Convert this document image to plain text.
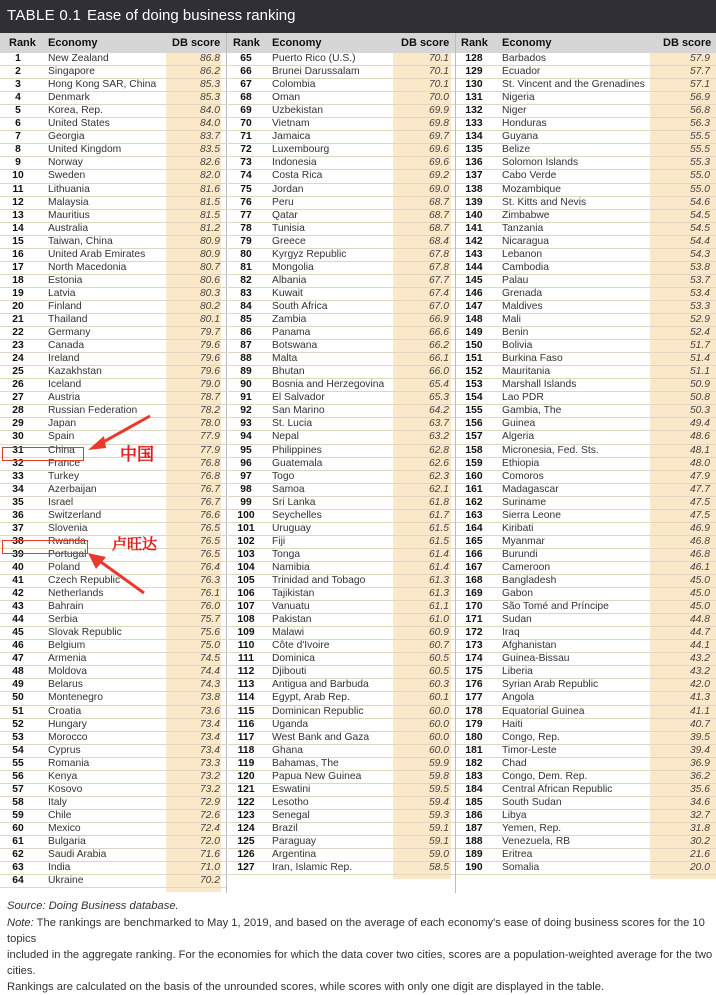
TABLE 0.1 Ease of doing business ranking
Rank Economy	DB score Rank Economy	DB score Rank Economy	DB score
1	New Zealand	86.8
2	Singapore	86.2
3	Hong Kong SAR, China	85.3
4	Denmark	85.3
5	Korea, Rep.	84.0
6	United States	84.0
7	Georgia	83.7
8	United Kingdom	83.5
9	Norway	82.6
10	Sweden	82.0
11	Lithuania	81.6
12	Malaysia	81.5
13	Mauritius	81.5
14	Australia	81.2
15	Taiwan, China	80.9
16	United Arab Emirates	80.9
17	North Macedonia	80.7
18	Estonia	80.6
19	Latvia	80.3
20	Finland	80.2
21	Thailand	80.1
22	Germany	79.7
23	Canada	79.6
24	Ireland	79.6
25	Kazakhstan	79.6
26	Iceland	79.0
27	Austria	78.7
28	Russian Federation	78.2
29	Japan	78.0
30	Spain	77.9
31	China	77.9
32	France	76.8
33	Turkey	76.8
34	Azerbaijan	76.7
35	Israel	76.7
36	Switzerland	76.6
37	Slovenia	76.5
38	Rwanda	76.5
39	Portugal	76.5
40	Poland	76.4
41	Czech Republic	76.3
42	Netherlands	76.1
43	Bahrain	76.0
44	Serbia	75.7
45	Slovak Republic	75.6
46	Belgium	75.0
47	Armenia	74.5
48	Moldova	74.4
49	Belarus	74.3
50	Montenegro	73.8
51	Croatia	73.6
52	Hungary	73.4
53	Morocco	73.4
54	Cyprus	73.4
55	Romania	73.3
56	Kenya	73.2
57	Kosovo	73.2
58	Italy	72.9
59	Chile	72.6
60	Mexico	72.4
61	Bulgaria	72.0
62	Saudi Arabia	71.6
63	India	71.0
64	Ukraine	70.2
65	Puerto Rico (U.S.)	70.1
66	Brunei Darussalam	70.1
67	Colombia	70.1
68	Oman	70.0
69	Uzbekistan	69.9
70	Vietnam	69.8
71	Jamaica	69.7
72	Luxembourg	69.6
73	Indonesia	69.6
74	Costa Rica	69.2
75	Jordan	69.0
76	Peru	68.7
77	Qatar	68.7
78	Tunisia	68.7
79	Greece	68.4
80	Kyrgyz Republic	67.8
81	Mongolia	67.8
82	Albania	67.7
83	Kuwait	67.4
84	South Africa	67.0
85	Zambia	66.9
86	Panama	66.6
87	Botswana	66.2
88	Malta	66.1
89	Bhutan	66.0
90	Bosnia and Herzegovina	65.4
91	El Salvador	65.3
92	San Marino	64.2
93	St. Lucia	63.7
94	Nepal	63.2
95	Philippines	62.8
96	Guatemala	62.6
97	Togo	62.3
98	Samoa	62.1
99	Sri Lanka	61.8
100	Seychelles	61.7
101	Uruguay	61.5
102	Fiji	61.5
103	Tonga	61.4
104	Namibia	61.4
105	Trinidad and Tobago	61.3
106	Tajikistan	61.3
107	Vanuatu	61.1
108	Pakistan	61.0
109	Malawi	60.9
110	Côte d'Ivoire	60.7
111	Dominica	60.5
112	Djibouti	60.5
113	Antigua and Barbuda	60.3
114	Egypt, Arab Rep.	60.1
115	Dominican Republic	60.0
116	Uganda	60.0
117	West Bank and Gaza	60.0
118	Ghana	60.0
119	Bahamas, The	59.9
120	Papua New Guinea	59.8
121	Eswatini	59.5
122	Lesotho	59.4
123	Senegal	59.3
124	Brazil	59.1
125	Paraguay	59.1
126	Argentina	59.0
127	Iran, Islamic Rep.	58.5
128	Barbados	57.9
129	Ecuador	57.7
130	St. Vincent and the Grenadines	57.1
131	Nigeria	56.9
132	Niger	56.8
133	Honduras	56.3
134	Guyana	55.5
135	Belize	55.5
136	Solomon Islands	55.3
137	Cabo Verde	55.0
138	Mozambique	55.0
139	St. Kitts and Nevis	54.6
140	Zimbabwe	54.5
141	Tanzania	54.5
142	Nicaragua	54.4
143	Lebanon	54.3
144	Cambodia	53.8
145	Palau	53.7
146	Grenada	53.4
147	Maldives	53.3
148	Mali	52.9
149	Benin	52.4
150	Bolivia	51.7
151	Burkina Faso	51.4
152	Mauritania	51.1
153	Marshall Islands	50.9
154	Lao PDR	50.8
155	Gambia, The	50.3
156	Guinea	49.4
157	Algeria	48.6
158	Micronesia, Fed. Sts.	48.1
159	Ethiopia	48.0
160	Comoros	47.9
161	Madagascar	47.7
162	Suriname	47.5
163	Sierra Leone	47.5
164	Kiribati	46.9
165	Myanmar	46.8
166	Burundi	46.8
167	Cameroon	46.1
168	Bangladesh	45.0
169	Gabon	45.0
170	São Tomé and Príncipe	45.0
171	Sudan	44.8
172	Iraq	44.7
173	Afghanistan	44.1
174	Guinea-Bissau	43.2
175	Liberia	43.2
176	Syrian Arab Republic	42.0
177	Angola	41.3
178	Equatorial Guinea	41.1
179	Haiti	40.7
180	Congo, Rep.	39.5
181	Timor-Leste	39.4
182	Chad	36.9
183	Congo, Dem. Rep.	36.2
184	Central African Republic	35.6
185	South Sudan	34.6
186	Libya	32.7
187	Yemen, Rep.	31.8
188	Venezuela, RB	30.2
189	Eritrea	21.6
190	Somalia	20.0
中国
卢旺达
Source: Doing Business database.
Note: The rankings are benchmarked to May 1, 2019, and based on the average of each economy's ease of doing business scores for the 10 topics
included in the aggregate ranking. For the economies for which the data cover two cities, scores are a population-weighted average for the two cities.
Rankings are calculated on the basis of the unrounded scores, while scores with only one digit are displayed in the table.
